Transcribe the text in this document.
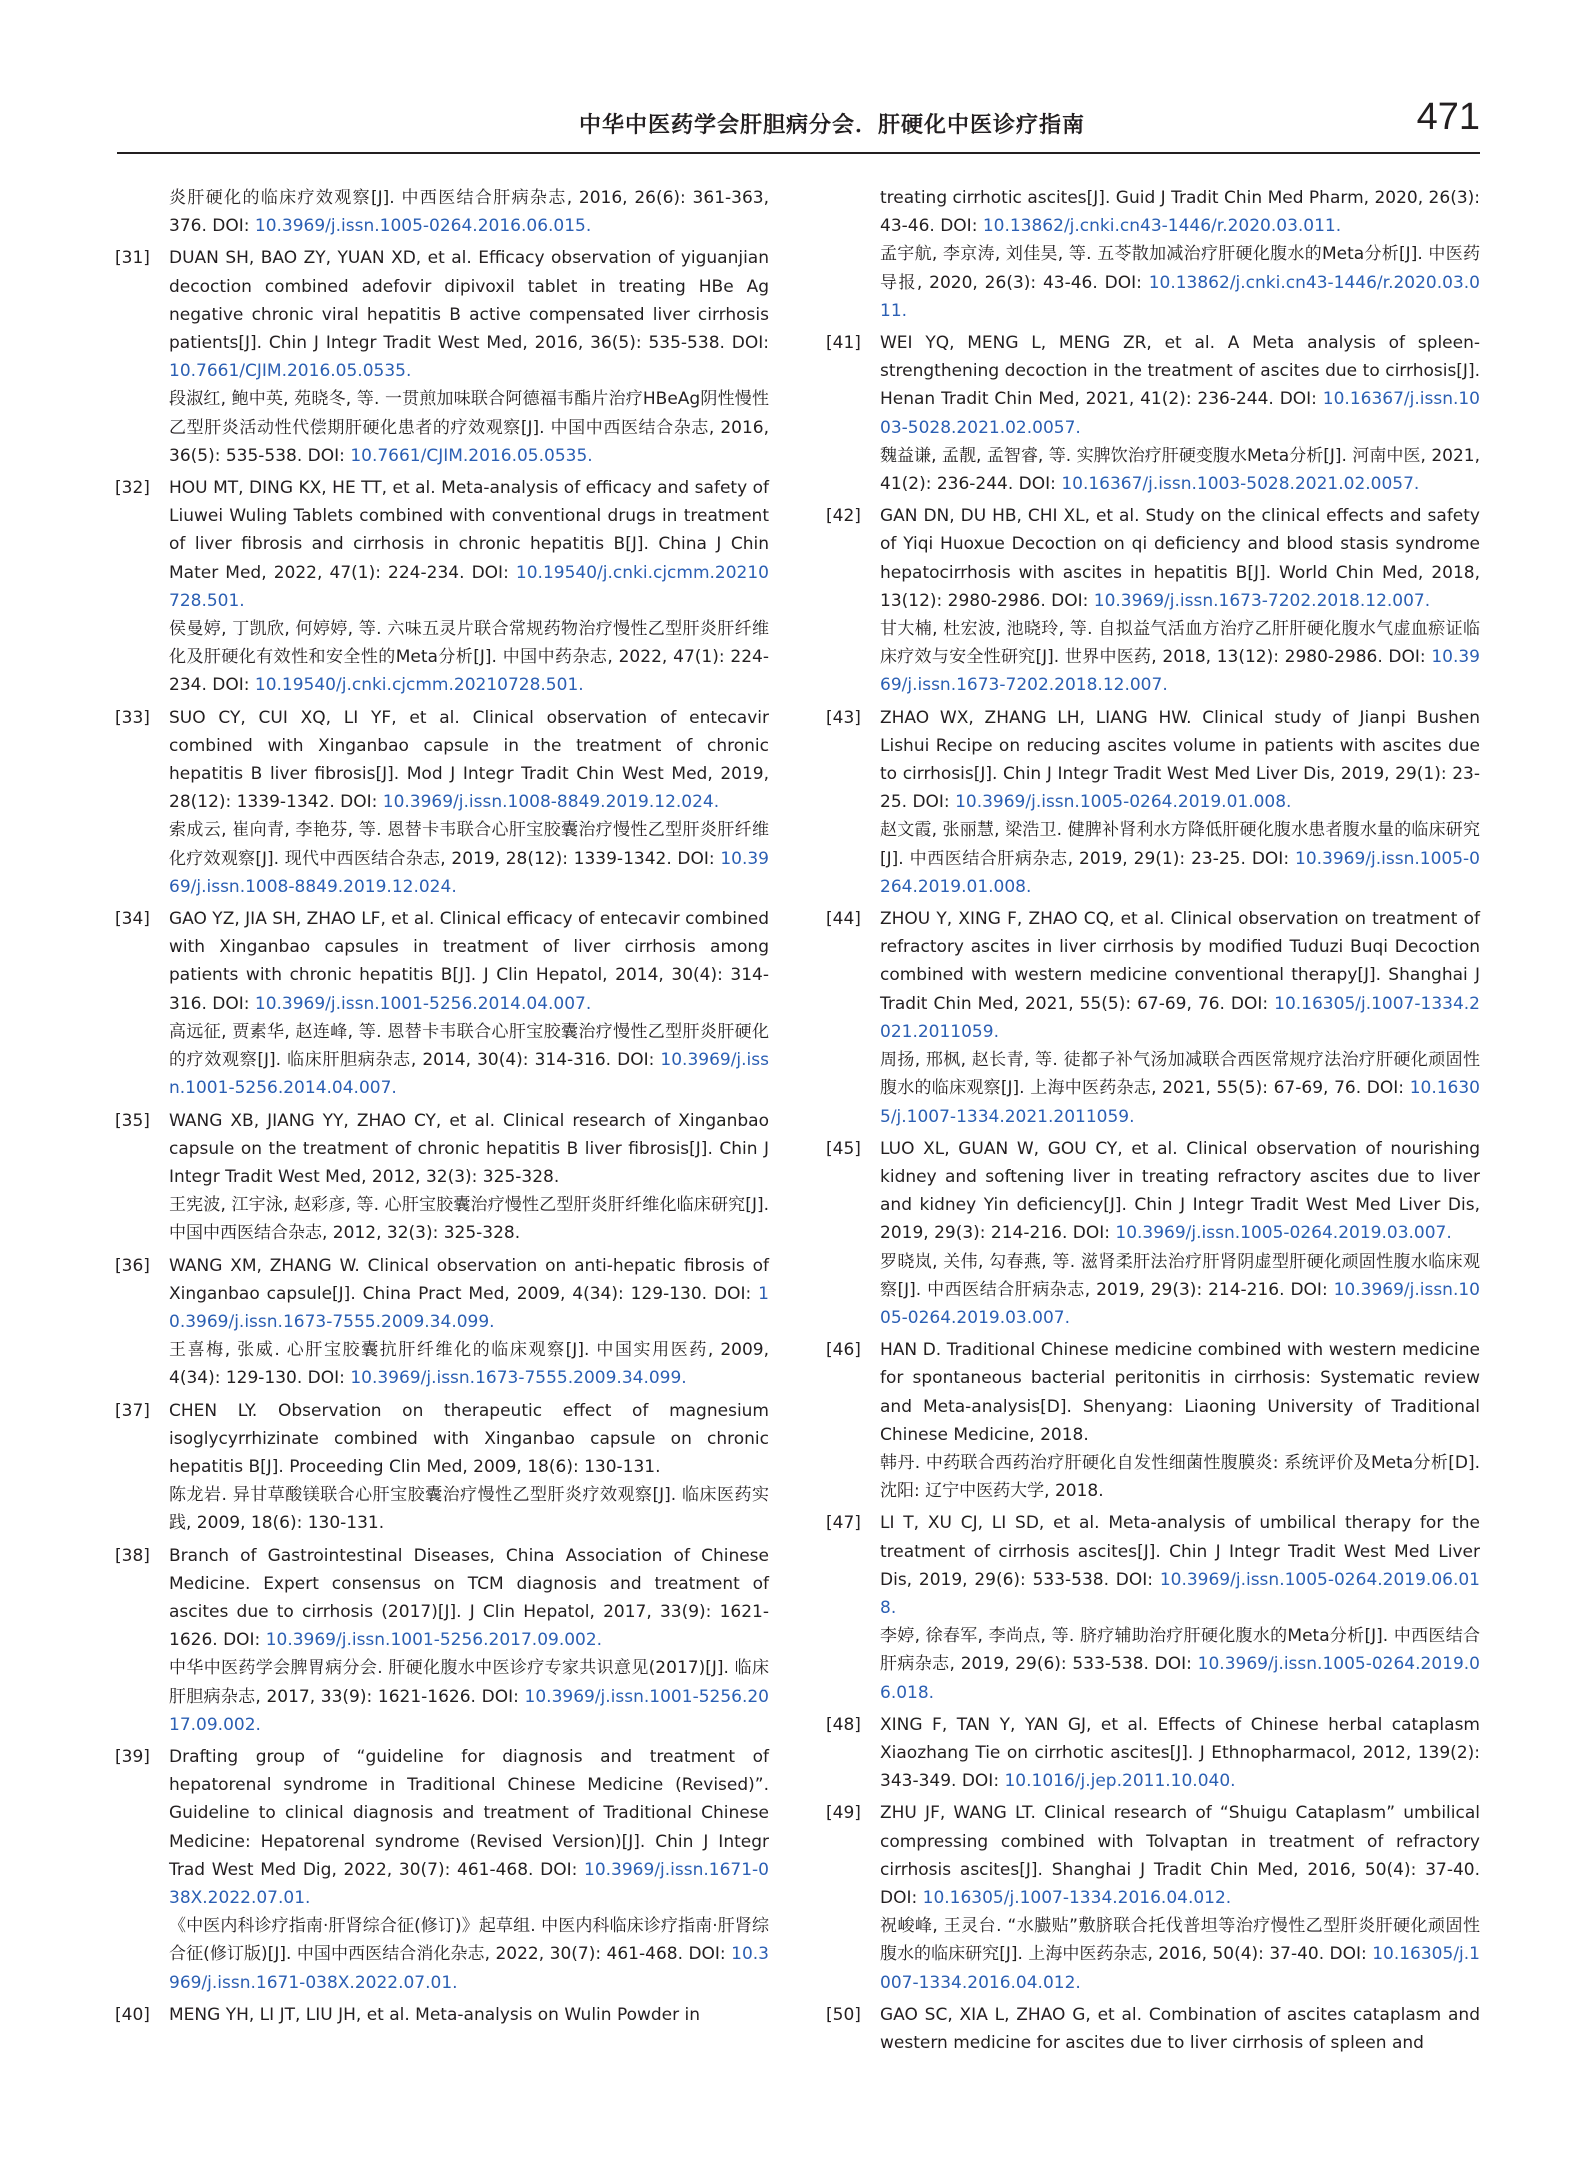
中华中医药学会肝胆病分会．肝硬化中医诊疗指南	471
炎肝硬化的临床疗效观察[J]. 中西医结合肝病杂志, 2016, 26(6): 361-363, 376. DOI: 10.3969/j.issn.1005-0264.2016.06.015.
[31] DUAN SH, BAO ZY, YUAN XD, et al. Efficacy observation of yiguanjian decoction combined adefovir dipivoxil tablet in treating HBe Ag negative chronic viral hepatitis B active compensated liver cirrhosis patients[J]. Chin J Integr Tradit West Med, 2016, 36(5): 535-538. DOI: 10.7661/CJIM.2016.05.0535.
段淑红, 鲍中英, 苑晓冬, 等. 一贯煎加味联合阿德福韦酯片治疗HBeAg阴性慢性乙型肝炎活动性代偿期肝硬化患者的疗效观察[J]. 中国中西医结合杂志, 2016, 36(5): 535-538. DOI: 10.7661/CJIM.2016.05.0535.
[32] HOU MT, DING KX, HE TT, et al. Meta-analysis of efficacy and safety of Liuwei Wuling Tablets combined with conventional drugs in treatment of liver fibrosis and cirrhosis in chronic hepatitis B[J]. China J Chin Mater Med, 2022, 47(1): 224-234. DOI: 10.19540/j.cnki.cjcmm.20210728.501.
侯曼婷, 丁凯欣, 何婷婷, 等. 六味五灵片联合常规药物治疗慢性乙型肝炎肝纤维化及肝硬化有效性和安全性的Meta分析[J]. 中国中药杂志, 2022, 47(1): 224-234. DOI: 10.19540/j.cnki.cjcmm.20210728.501.
[33] SUO CY, CUI XQ, LI YF, et al. Clinical observation of entecavir combined with Xinganbao capsule in the treatment of chronic hepatitis B liver fibrosis[J]. Mod J Integr Tradit Chin West Med, 2019, 28(12): 1339-1342. DOI: 10.3969/j.issn.1008-8849.2019.12.024.
索成云, 崔向青, 李艳芬, 等. 恩替卡韦联合心肝宝胶囊治疗慢性乙型肝炎肝纤维化疗效观察[J]. 现代中西医结合杂志, 2019, 28(12): 1339-1342. DOI: 10.3969/j.issn.1008-8849.2019.12.024.
[34] GAO YZ, JIA SH, ZHAO LF, et al. Clinical efficacy of entecavir combined with Xinganbao capsules in treatment of liver cirrhosis among patients with chronic hepatitis B[J]. J Clin Hepatol, 2014, 30(4): 314-316. DOI: 10.3969/j.issn.1001-5256.2014.04.007.
高远征, 贾素华, 赵连峰, 等. 恩替卡韦联合心肝宝胶囊治疗慢性乙型肝炎肝硬化的疗效观察[J]. 临床肝胆病杂志, 2014, 30(4): 314-316. DOI: 10.3969/j.issn.1001-5256.2014.04.007.
[35] WANG XB, JIANG YY, ZHAO CY, et al. Clinical research of Xinganbao capsule on the treatment of chronic hepatitis B liver fibrosis[J]. Chin J Integr Tradit West Med, 2012, 32(3): 325-328.
王宪波, 江宇泳, 赵彩彦, 等. 心肝宝胶囊治疗慢性乙型肝炎肝纤维化临床研究[J]. 中国中西医结合杂志, 2012, 32(3): 325-328.
[36] WANG XM, ZHANG W. Clinical observation on anti-hepatic fibrosis of Xinganbao capsule[J]. China Pract Med, 2009, 4(34): 129-130. DOI: 10.3969/j.issn.1673-7555.2009.34.099.
王喜梅, 张威. 心肝宝胶囊抗肝纤维化的临床观察[J]. 中国实用医药, 2009, 4(34): 129-130. DOI: 10.3969/j.issn.1673-7555.2009.34.099.
[37] CHEN LY. Observation on therapeutic effect of magnesium isoglycyrrhizinate combined with Xinganbao capsule on chronic hepatitis B[J]. Proceeding Clin Med, 2009, 18(6): 130-131.
陈龙岩. 异甘草酸镁联合心肝宝胶囊治疗慢性乙型肝炎疗效观察[J]. 临床医药实践, 2009, 18(6): 130-131.
[38] Branch of Gastrointestinal Diseases, China Association of Chinese Medicine. Expert consensus on TCM diagnosis and treatment of ascites due to cirrhosis (2017)[J]. J Clin Hepatol, 2017, 33(9): 1621-1626. DOI: 10.3969/j.issn.1001-5256.2017.09.002.
中华中医药学会脾胃病分会. 肝硬化腹水中医诊疗专家共识意见(2017)[J]. 临床肝胆病杂志, 2017, 33(9): 1621-1626. DOI: 10.3969/j.issn.1001-5256.2017.09.002.
[39] Drafting group of “guideline for diagnosis and treatment of hepatorenal syndrome in Traditional Chinese Medicine (Revised)”. Guideline to clinical diagnosis and treatment of Traditional Chinese Medicine: Hepatorenal syndrome (Revised Version)[J]. Chin J Integr Trad West Med Dig, 2022, 30(7): 461-468. DOI: 10.3969/j.issn.1671-038X.2022.07.01.
《中医内科诊疗指南·肝肾综合征(修订)》起草组. 中医内科临床诊疗指南·肝肾综合征(修订版)[J]. 中国中西医结合消化杂志, 2022, 30(7): 461-468. DOI: 10.3969/j.issn.1671-038X.2022.07.01.
[40] MENG YH, LI JT, LIU JH, et al. Meta-analysis on Wulin Powder in
treating cirrhotic ascites[J]. Guid J Tradit Chin Med Pharm, 2020, 26(3): 43-46. DOI: 10.13862/j.cnki.cn43-1446/r.2020.03.011.
孟宇航, 李京涛, 刘佳昊, 等. 五苓散加减治疗肝硬化腹水的Meta分析[J]. 中医药导报, 2020, 26(3): 43-46. DOI: 10.13862/j.cnki.cn43-1446/r.2020.03.011.
[41] WEI YQ, MENG L, MENG ZR, et al. A Meta analysis of spleen-strengthening decoction in the treatment of ascites due to cirrhosis[J]. Henan Tradit Chin Med, 2021, 41(2): 236-244. DOI: 10.16367/j.issn.1003-5028.2021.02.0057.
魏益谦, 孟靓, 孟智睿, 等. 实脾饮治疗肝硬变腹水Meta分析[J]. 河南中医, 2021, 41(2): 236-244. DOI: 10.16367/j.issn.1003-5028.2021.02.0057.
[42] GAN DN, DU HB, CHI XL, et al. Study on the clinical effects and safety of Yiqi Huoxue Decoction on qi deficiency and blood stasis syndrome hepatocirrhosis with ascites in hepatitis B[J]. World Chin Med, 2018, 13(12): 2980-2986. DOI: 10.3969/j.issn.1673-7202.2018.12.007.
甘大楠, 杜宏波, 池晓玲, 等. 自拟益气活血方治疗乙肝肝硬化腹水气虚血瘀证临床疗效与安全性研究[J]. 世界中医药, 2018, 13(12): 2980-2986. DOI: 10.3969/j.issn.1673-7202.2018.12.007.
[43] ZHAO WX, ZHANG LH, LIANG HW. Clinical study of Jianpi Bushen Lishui Recipe on reducing ascites volume in patients with ascites due to cirrhosis[J]. Chin J Integr Tradit West Med Liver Dis, 2019, 29(1): 23-25. DOI: 10.3969/j.issn.1005-0264.2019.01.008.
赵文霞, 张丽慧, 梁浩卫. 健脾补肾利水方降低肝硬化腹水患者腹水量的临床研究[J]. 中西医结合肝病杂志, 2019, 29(1): 23-25. DOI: 10.3969/j.issn.1005-0264.2019.01.008.
[44] ZHOU Y, XING F, ZHAO CQ, et al. Clinical observation on treatment of refractory ascites in liver cirrhosis by modified Tuduzi Buqi Decoction combined with western medicine conventional therapy[J]. Shanghai J Tradit Chin Med, 2021, 55(5): 67-69, 76. DOI: 10.16305/j.1007-1334.2021.2011059.
周扬, 邢枫, 赵长青, 等. 徒都子补气汤加减联合西医常规疗法治疗肝硬化顽固性腹水的临床观察[J]. 上海中医药杂志, 2021, 55(5): 67-69, 76. DOI: 10.16305/j.1007-1334.2021.2011059.
[45] LUO XL, GUAN W, GOU CY, et al. Clinical observation of nourishing kidney and softening liver in treating refractory ascites due to liver and kidney Yin deficiency[J]. Chin J Integr Tradit West Med Liver Dis, 2019, 29(3): 214-216. DOI: 10.3969/j.issn.1005-0264.2019.03.007.
罗晓岚, 关伟, 勾春燕, 等. 滋肾柔肝法治疗肝肾阴虚型肝硬化顽固性腹水临床观察[J]. 中西医结合肝病杂志, 2019, 29(3): 214-216. DOI: 10.3969/j.issn.1005-0264.2019.03.007.
[46] HAN D. Traditional Chinese medicine combined with western medicine for spontaneous bacterial peritonitis in cirrhosis: Systematic review and Meta-analysis[D]. Shenyang: Liaoning University of Traditional Chinese Medicine, 2018.
韩丹. 中药联合西药治疗肝硬化自发性细菌性腹膜炎: 系统评价及Meta分析[D]. 沈阳: 辽宁中医药大学, 2018.
[47] LI T, XU CJ, LI SD, et al. Meta-analysis of umbilical therapy for the treatment of cirrhosis ascites[J]. Chin J Integr Tradit West Med Liver Dis, 2019, 29(6): 533-538. DOI: 10.3969/j.issn.1005-0264.2019.06.018.
李婷, 徐春军, 李尚点, 等. 脐疗辅助治疗肝硬化腹水的Meta分析[J]. 中西医结合肝病杂志, 2019, 29(6): 533-538. DOI: 10.3969/j.issn.1005-0264.2019.06.018.
[48] XING F, TAN Y, YAN GJ, et al. Effects of Chinese herbal cataplasm Xiaozhang Tie on cirrhotic ascites[J]. J Ethnopharmacol, 2012, 139(2): 343-349. DOI: 10.1016/j.jep.2011.10.040.
[49] ZHU JF, WANG LT. Clinical research of “Shuigu Cataplasm” umbilical compressing combined with Tolvaptan in treatment of refractory cirrhosis ascites[J]. Shanghai J Tradit Chin Med, 2016, 50(4): 37-40. DOI: 10.16305/j.1007-1334.2016.04.012.
祝峻峰, 王灵台. “水臌贴”敷脐联合托伐普坦等治疗慢性乙型肝炎肝硬化顽固性腹水的临床研究[J]. 上海中医药杂志, 2016, 50(4): 37-40. DOI: 10.16305/j.1007-1334.2016.04.012.
[50] GAO SC, XIA L, ZHAO G, et al. Combination of ascites cataplasm and western medicine for ascites due to liver cirrhosis of spleen and
